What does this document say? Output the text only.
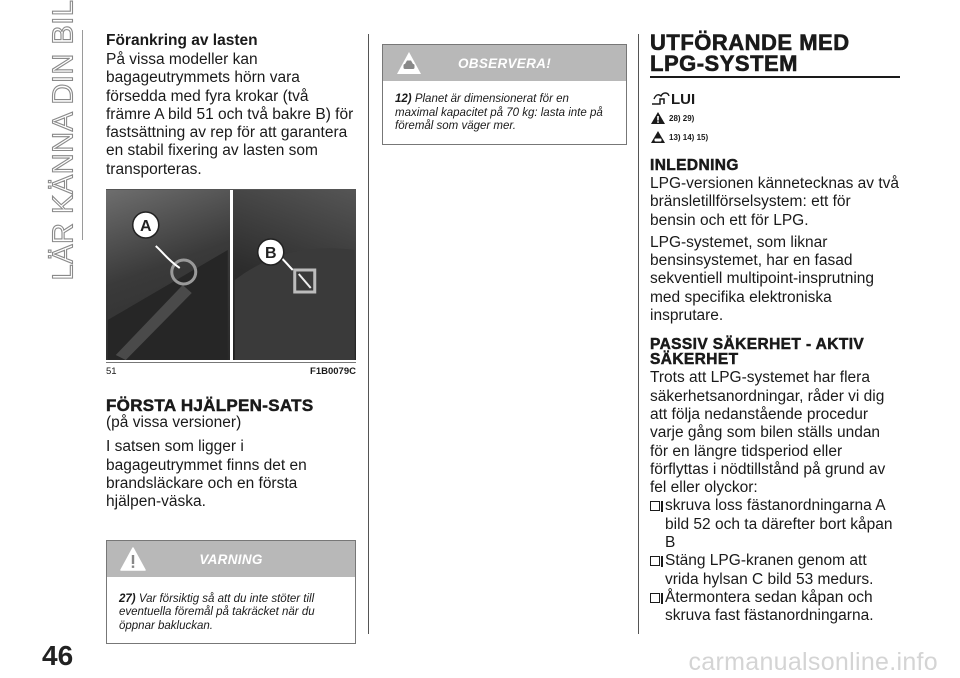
LÄR KÄNNA DIN BIL Förankring av lasten

På vissa modeller kan bagageutrymmets hörn vara försedda med fyra krokar (två främre A bild 51 och två bakre B) för fastsättning av rep för att garantera en stabil fixering av lasten som transporteras.

A
B
51	F1B0079C

FÖRSTA HJÄLPEN-SATS

(på vissa versioner)

I satsen som ligger i bagageutrymmet finns det en brandsläckare och en första hjälpen-väska.

VARNING
27) Var försiktig så att du inte stöter till eventuella föremål på takräcket när du öppnar bakluckan.
OBSERVERA!
12) Planet är dimensionerat för en maximal kapacitet på 70 kg: lasta inte på föremål som väger mer.

UTFÖRANDE MED LPG-SYSTEM

LUI
28) 29)
13) 14) 15)

INLEDNING

LPG-versionen kännetecknas av två bränsletillförselsystem: ett för bensin och ett för LPG.

LPG-systemet, som liknar bensinsystemet, har en fasad sekventiell multipoint-insprutning med specifika elektroniska insprutare.

PASSIV SÄKERHET - AKTIV SÄKERHET

Trots att LPG-systemet har flera säkerhetsanordningar, råder vi dig att följa nedanstående procedur varje gång som bilen ställs undan för en längre tidsperiod eller förflyttas i nödtillstånd på grund av fel eller olyckor:

skruva loss fästanordningarna A bild 52 och ta därefter bort kåpan B
Stäng LPG-kranen genom att vrida hylsan C bild 53 medurs.
Återmontera sedan kåpan och skruva fast fästanordningarna.
46	carmanualsonline.info
